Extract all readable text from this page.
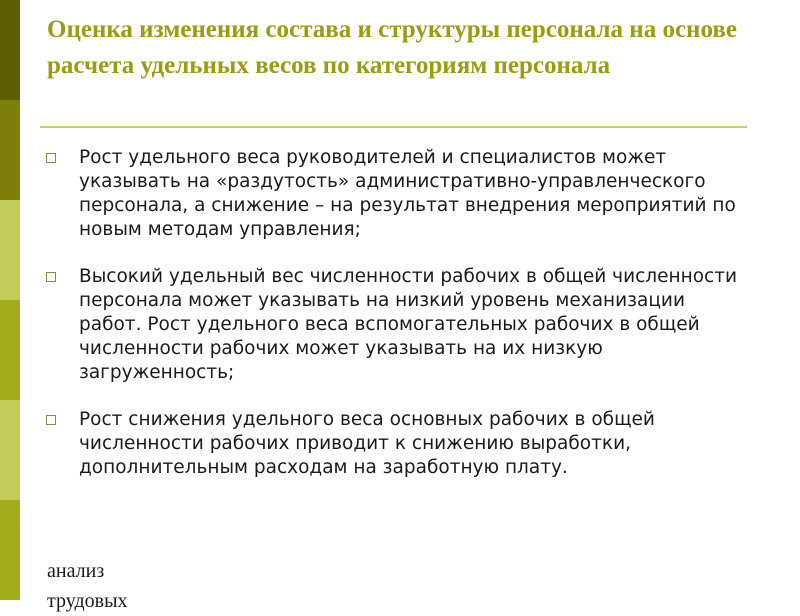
Оценка изменения состава и структуры персонала на основе расчета удельных весов по категориям персонала
Рост удельного веса руководителей и специалистов может указывать на «раздутость» административно-управленческого персонала, а снижение – на результат внедрения мероприятий по новым методам управления;
Высокий удельный вес численности рабочих в общей численности персонала может указывать на низкий уровень механизации работ. Рост удельного веса вспомогательных рабочих в общей численности рабочих может указывать на их низкую загруженность;
Рост снижения удельного веса основных рабочих в общей численности рабочих приводит к снижению выработки, дополнительным расходам на заработную плату.
анализ
трудовых
